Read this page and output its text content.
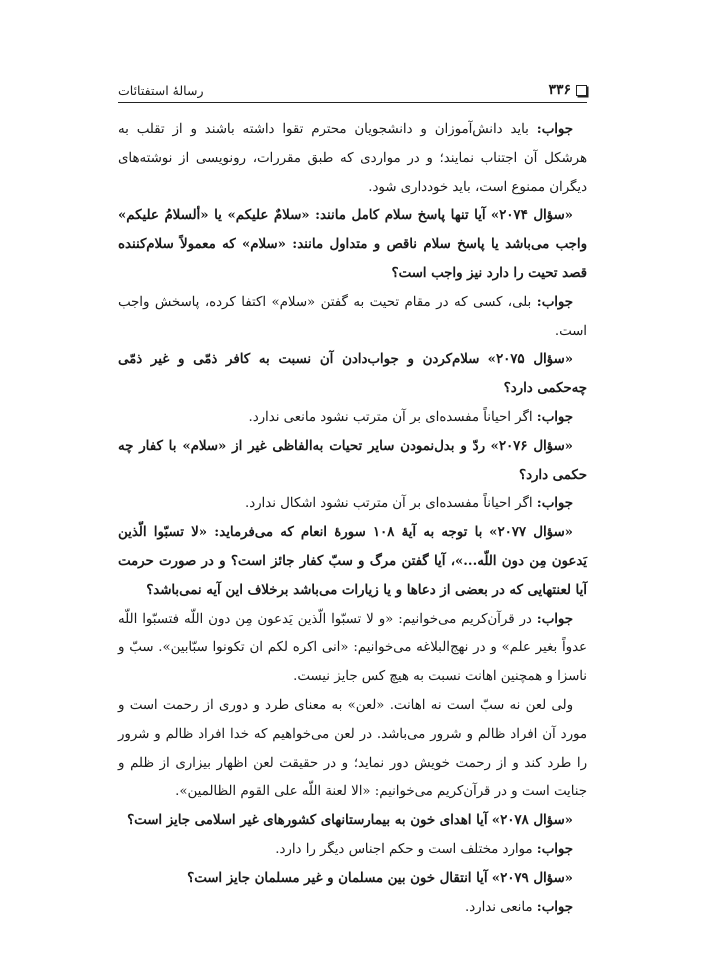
۳۳۶
رسالهٔ استفتائات

جواب: باید دانش‌آموزان و دانشجویان محترم تقوا داشته باشند و از تقلب به هرشکل آن اجتناب نمایند؛ و در مواردی که طبق مقررات، رونویسی از نوشته‌های دیگران ممنوع است، باید خودداری شود.

«سؤال ۲۰۷۴» آیا تنها پاسخ سلام کامل مانند: «سلامٌ علیکم» یا «ألسلامُ علیکم» واجب می‌باشد یا پاسخ سلام ناقص و متداول مانند: «سلام» که معمولاً سلام‌کننده قصد تحیت را دارد نیز واجب است؟

جواب: بلی، کسی که در مقام تحیت به گفتن «سلام» اکتفا کرده، پاسخش واجب است.

«سؤال ۲۰۷۵» سلام‌کردن و جواب‌دادن آن نسبت به کافر ذمّی و غیر ذمّی چه‌حکمی دارد؟

جواب: اگر احیاناً مفسده‌ای بر آن مترتب نشود مانعی ندارد.

«سؤال ۲۰۷۶» ردّ و بدل‌نمودن سایر تحیات به‌الفاظی غیر از «سلام» با کفار چه حکمی دارد؟

جواب: اگر احیاناً مفسده‌ای بر آن مترتب نشود اشکال ندارد.

«سؤال ۲۰۷۷» با توجه به آیهٔ ۱۰۸ سورهٔ انعام که می‌فرماید: «لا تسبّوا الّذین یَدعون مِن دون اللّه...»، آیا گفتن مرگ و سبّ کفار جائز است؟ و در صورت حرمت آیا لعنتهایی که در بعضی از دعاها و یا زیارات می‌باشد برخلاف این آیه نمی‌باشد؟

جواب: در قرآن‌کریم می‌خوانیم: «و لا تسبّوا الّذین یَدعون مِن دون اللّه فتسبّوا اللّه عدواً بغیر علم» و در نهج‌البلاغه می‌خوانیم: «انی اکره لکم ان تکونوا سبّابین». سبّ و ناسزا و همچنین اهانت نسبت به هیچ کس جایز نیست.

ولی لعن نه سبّ است نه اهانت. «لعن» به معنای طرد و دوری از رحمت است و مورد آن افراد ظالم و شرور می‌باشد. در لعن می‌خواهیم که خدا افراد ظالم و شرور را طرد کند و از رحمت خویش دور نماید؛ و در حقیقت لعن اظهار بیزاری از ظلم و جنایت است و در قرآن‌کریم می‌خوانیم: «الا لعنة اللّه علی القوم الظالمین».

«سؤال ۲۰۷۸» آیا اهدای خون به بیمارستانهای کشورهای غیر اسلامی جایز است؟

جواب: موارد مختلف است و حکم اجناس دیگر را دارد.

«سؤال ۲۰۷۹» آیا انتقال خون بین مسلمان و غیر مسلمان جایز است؟

جواب: مانعی ندارد.
